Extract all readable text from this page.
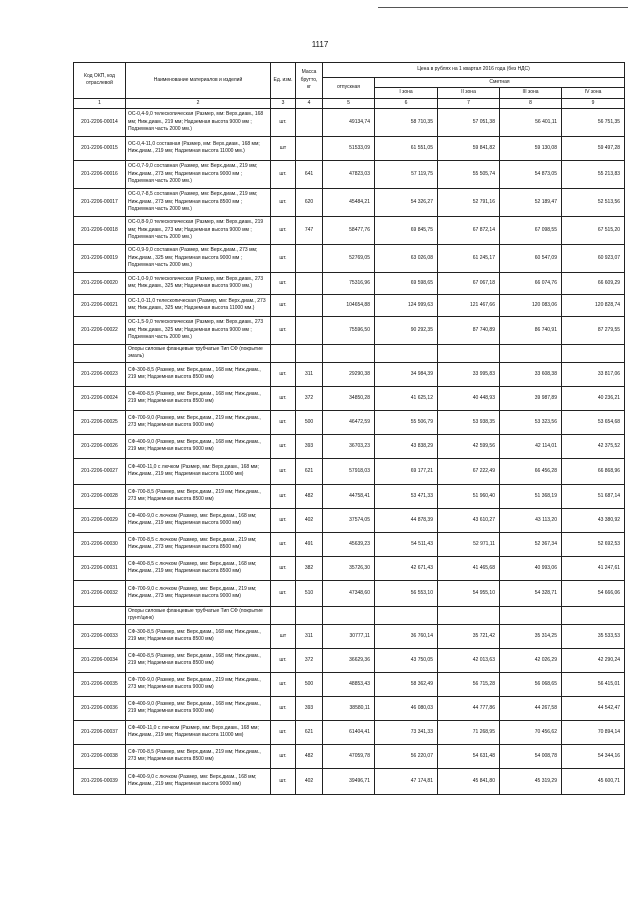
1117
Код ОКП, код отраслевой	Наименование материалов и изделий	Ед. изм.	Масса брутто, кг	Цена в рублях на 1 квартал 2016 года (без НДС)				
				отпускная	Сметная			
					I зона	II зона	III зона	IV зона
1	2	3	4	5	6	7	8	9
201-2206-00014	ОС-0,4-9,0 телескопическая (Размер, мм: Верх.диам., 168 мм; Ниж.диам., 219 мм; Надземная высота 9000 мм ; Подземная часть 2000 мм.)	шт.		49134,74	58 710,35	57 051,38	56 401,11	56 751,35
201-2206-00015	ОС-0,4-11,0 составная (Размер, мм: Верх.диам., 168 мм; Ниж.диам., 219 мм; Надземная высота 11000 мм.)	шт		51533,09	61 551,05	59 841,82	59 130,08	59 497,28
201-2206-00016	ОС-0,7-9,0 составная (Размер, мм: Верх.диам., 219 мм; Ниж.диам., 273 мм; Надземная высота 9000 мм ; Подземная часть 2000 мм.)	шт.	641	47823,03	57 119,75	55 505,74	54 873,05	55 213,83
201-2206-00017	ОС-0,7-8,5 составная (Размер, мм: Верх.диам., 219 мм; Ниж.диам., 273 мм; Надземная высота 8500 мм ; Подземная часть 2000 мм.)	шт.	620	45484,21	54 326,27	52 791,16	52 189,47	52 513,56
201-2206-00018	ОС-0,8-9,0 телескопическая (Размер, мм: Верх.диам., 219 мм; Ниж.диам., 273 мм; Надземная высота 9000 мм ; Подземная часть 2000 мм.)	шт.	747	58477,76	69 845,75	67 872,14	67 098,55	67 515,20
201-2206-00019	ОС-0,9-9,0 составная (Размер, мм: Верх.диам., 273 мм; Ниж.диам., 325 мм; Надземная высота 9000 мм ; Подземная часть 2000 мм.)	шт.		52769,05	63 026,08	61 245,17	60 547,09	60 923,07
201-2206-00020	ОС-1,0-9,0 телескопическая (Размер, мм: Верх.диам., 273 мм; Ниж.диам., 325 мм; Надземная высота 9000 мм.)	шт.		75316,96	69 598,65	67 067,18	66 074,76	66 609,29
201-2206-00021	ОС-1,0-11,0 телескопическая (Размер, мм: Верх.диам., 273 мм; Ниж.диам., 325 мм; Надземная высота 11000 мм.)	шт.		104654,88	124 999,63	121 467,66	120 083,06	120 828,74
201-2206-00022	ОС-1,5-9,0 телескопическая (Размер, мм: Верх.диам., 273 мм; Ниж.диам., 325 мм; Надземная высота 9000 мм ; Подземная часть 2000 мм.)	шт.		75596,50	90 292,35	87 740,89	86 740,91	87 279,55
	Опоры силовые фланцевые трубчатые Тип СФ (покрытие эмаль)							
201-2206-00023	СФ-300-8,5 (Размер, мм: Верх.диам., 168 мм; Ниж.диам., 219 мм; Надземная высота 8500 мм)	шт.	311	29290,38	34 984,39	33 995,83	33 608,38	33 817,06
201-2206-00024	СФ-400-8,5 (Размер, мм: Верх.диам., 168 мм; Ниж.диам., 219 мм; Надземная высота 8500 мм)	шт.	372	34850,28	41 625,12	40 448,93	39 987,89	40 236,21
201-2206-00025	СФ-700-9,0 (Размер, мм: Верх.диам., 219 мм; Ниж.диам., 273 мм; Надземная высота 9000 мм)	шт.	500	46472,59	55 506,79	53 938,35	53 323,56	53 654,68
201-2206-00026	СФ-400-9,0 (Размер, мм: Верх.диам., 168 мм; Ниж.диам., 219 мм; Надземная высота 9000 мм)	шт.	393	36703,23	43 838,29	42 599,56	42 114,01	42 375,52
201-2206-00027	СФ-400-11,0 с лючком (Размер, мм: Верх.диам., 168 мм; Ниж.диам., 219 мм; Надземная высота 11000 мм)	шт.	621	57918,03	69 177,21	67 222,49	66 456,28	66 868,96
201-2206-00028	СФ-700-8,5 (Размер, мм: Верх.диам., 219 мм; Ниж.диам., 273 мм; Надземная высота 8500 мм)	шт.	482	44758,41	53 471,33	51 960,40	51 368,19	51 687,14
201-2206-00029	СФ-400-9,0 с лючком (Размер, мм: Верх.диам., 168 мм; Ниж.диам., 219 мм; Надземная высота 9000 мм)	шт.	402	37574,05	44 878,39	43 610,27	43 113,20	43 380,92
201-2206-00030	СФ-700-8,5 с лючком (Размер, мм: Верх.диам., 219 мм; Ниж.диам., 273 мм; Надземная высота 8500 мм)	шт.	491	45639,23	54 511,43	52 971,11	52 367,34	52 692,53
201-2206-00031	СФ-400-8,5 с лючком (Размер, мм: Верх.диам., 168 мм; Ниж.диам., 219 мм; Надземная высота 8500 мм)	шт.	382	35726,30	42 671,43	41 465,68	40 993,06	41 247,61
201-2206-00032	СФ-700-9,0 с лючком (Размер, мм: Верх.диам., 219 мм; Ниж.диам., 273 мм; Надземная высота 9000 мм)	шт.	510	47348,60	56 553,10	54 955,10	54 328,71	54 666,06
	Опоры силовые фланцевые трубчатые Тип СФ (покрытие грунт/цинк)							
201-2206-00033	СФ-300-8,5 (Размер, мм: Верх.диам., 168 мм; Ниж.диам., 219 мм; Надземная высота 8500 мм)	шт	311	30777,11	36 760,14	35 721,42	35 314,25	35 533,53
201-2206-00034	СФ-400-8,5 (Размер, мм: Верх.диам., 168 мм; Ниж.диам., 219 мм; Надземная высота 8500 мм)	шт.	372	36629,36	43 750,05	42 013,63	42 026,29	42 290,24
201-2206-00035	СФ-700-9,0 (Размер, мм: Верх.диам., 219 мм; Ниж.диам., 273 мм; Надземная высота 9000 мм)	шт.	500	48853,43	58 362,49	56 715,28	56 068,65	56 415,01
201-2206-00036	СФ-400-9,0 (Размер, мм: Верх.диам., 168 мм; Ниж.диам., 219 мм; Надземная высота 9000 мм)	шт.	393	38580,11	46 080,03	44 777,86	44 267,58	44 542,47
201-2206-00037	СФ-400-11,0 с лючком (Размер, мм: Верх.диам., 168 мм; Ниж.диам., 219 мм; Надземная высота 11000 мм)	шт.	621	61404,41	73 341,33	71 268,95	70 456,62	70 894,14
201-2206-00038	СФ-700-8,5 (Размер, мм: Верх.диам., 219 мм; Ниж.диам., 273 мм; Надземная высота 8500 мм)	шт.	482	47059,78	56 220,07	54 631,48	54 008,78	54 344,16
201-2206-00039	СФ-400-9,0 с лючком (Размер, мм: Верх.диам., 168 мм; Ниж.диам., 219 мм; Надземная высота 9000 мм)	шт.	402	39496,71	47 174,81	45 841,80	45 319,29	45 600,71
